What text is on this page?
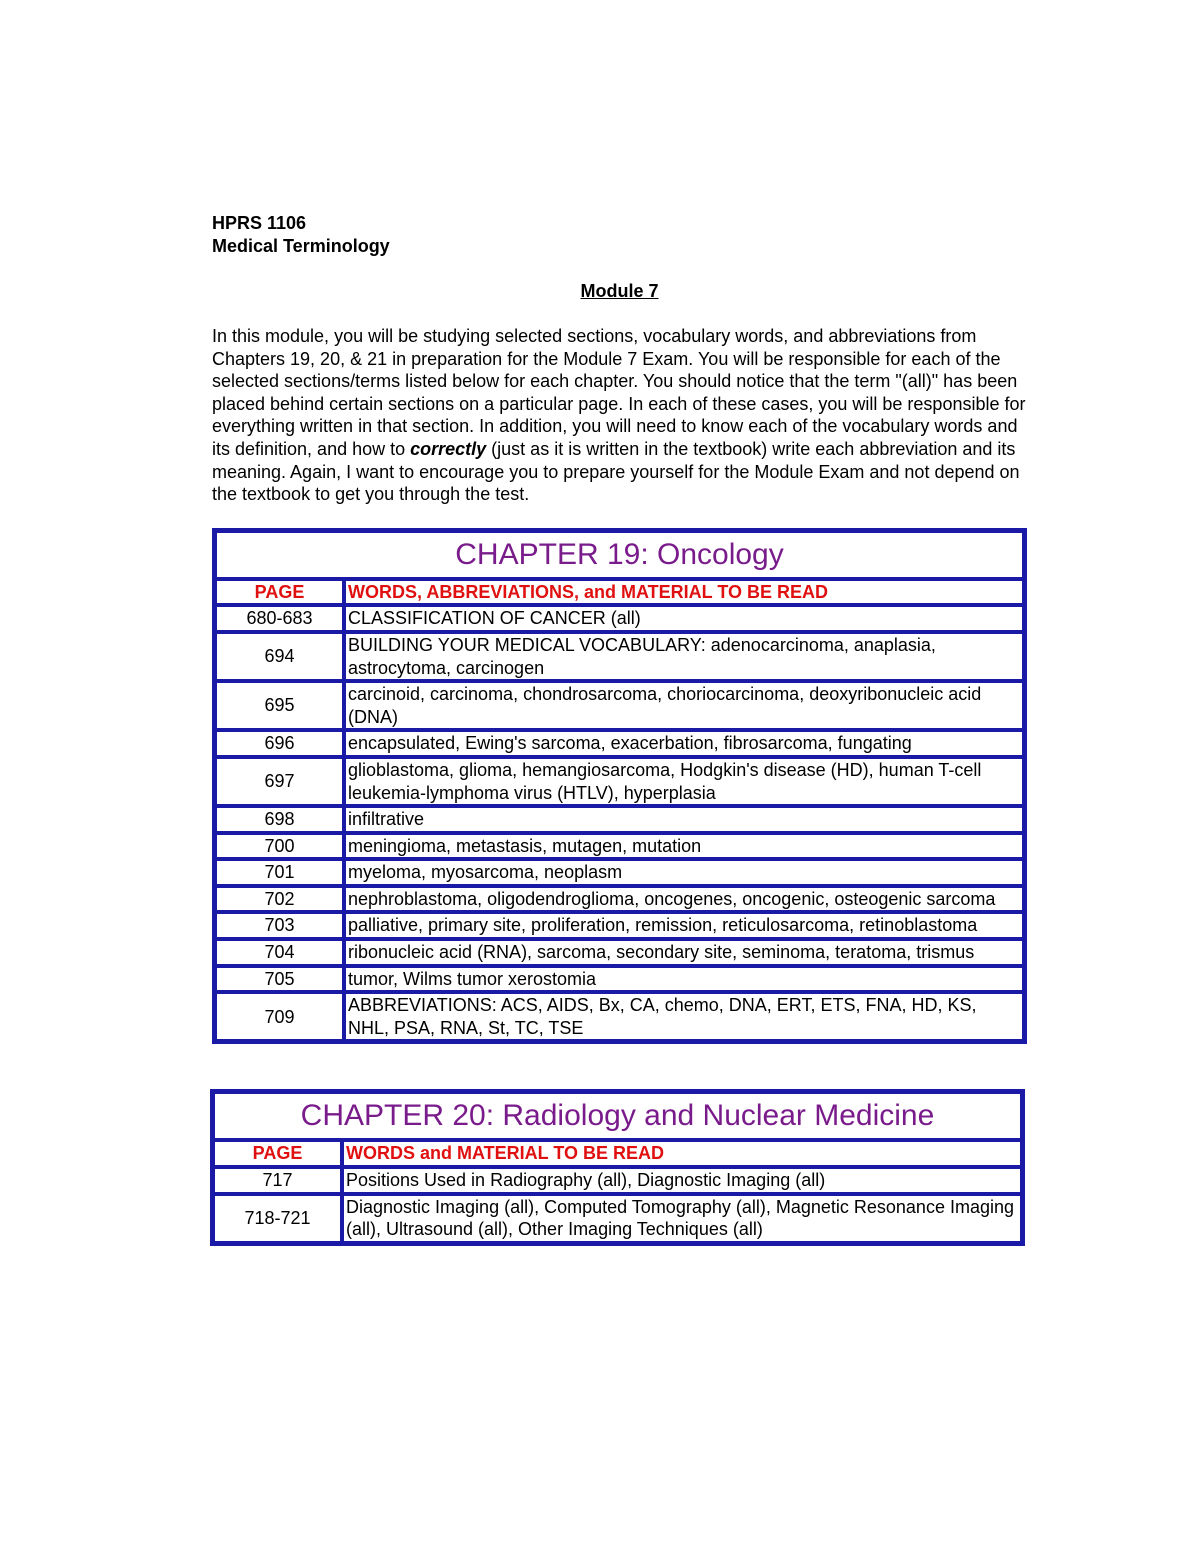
HPRS 1106
Medical Terminology
Module 7
In this module, you will be studying selected sections, vocabulary words, and abbreviations from Chapters 19, 20, & 21 in preparation for the Module 7 Exam. You will be responsible for each of the selected sections/terms listed below for each chapter. You should notice that the term "(all)" has been placed behind certain sections on a particular page. In each of these cases, you will be responsible for everything written in that section. In addition, you will need to know each of the vocabulary words and its definition, and how to correctly (just as it is written in the textbook) write each abbreviation and its meaning. Again, I want to encourage you to prepare yourself for the Module Exam and not depend on the textbook to get you through the test.
CHAPTER 19: Oncology	
PAGE	WORDS, ABBREVIATIONS, and MATERIAL TO BE READ
680-683	CLASSIFICATION OF CANCER (all)
694	BUILDING YOUR MEDICAL VOCABULARY: adenocarcinoma, anaplasia, astrocytoma, carcinogen
695	carcinoid, carcinoma, chondrosarcoma, choriocarcinoma, deoxyribonucleic acid (DNA)
696	encapsulated, Ewing's sarcoma, exacerbation, fibrosarcoma, fungating
697	glioblastoma, glioma, hemangiosarcoma, Hodgkin's disease (HD), human T-cell leukemia-lymphoma virus (HTLV), hyperplasia
698	infiltrative
700	meningioma, metastasis, mutagen, mutation
701	myeloma, myosarcoma, neoplasm
702	nephroblastoma, oligodendroglioma, oncogenes, oncogenic, osteogenic sarcoma
703	palliative, primary site, proliferation, remission, reticulosarcoma, retinoblastoma
704	ribonucleic acid (RNA), sarcoma, secondary site, seminoma, teratoma, trismus
705	tumor, Wilms tumor xerostomia
709	ABBREVIATIONS: ACS, AIDS, Bx, CA, chemo, DNA, ERT, ETS, FNA, HD, KS, NHL, PSA, RNA, St, TC, TSE
CHAPTER 20: Radiology and Nuclear Medicine	
PAGE	WORDS and MATERIAL TO BE READ
717	Positions Used in Radiography (all), Diagnostic Imaging (all)
718-721	Diagnostic Imaging (all), Computed Tomography (all), Magnetic Resonance Imaging (all), Ultrasound (all), Other Imaging Techniques (all)
